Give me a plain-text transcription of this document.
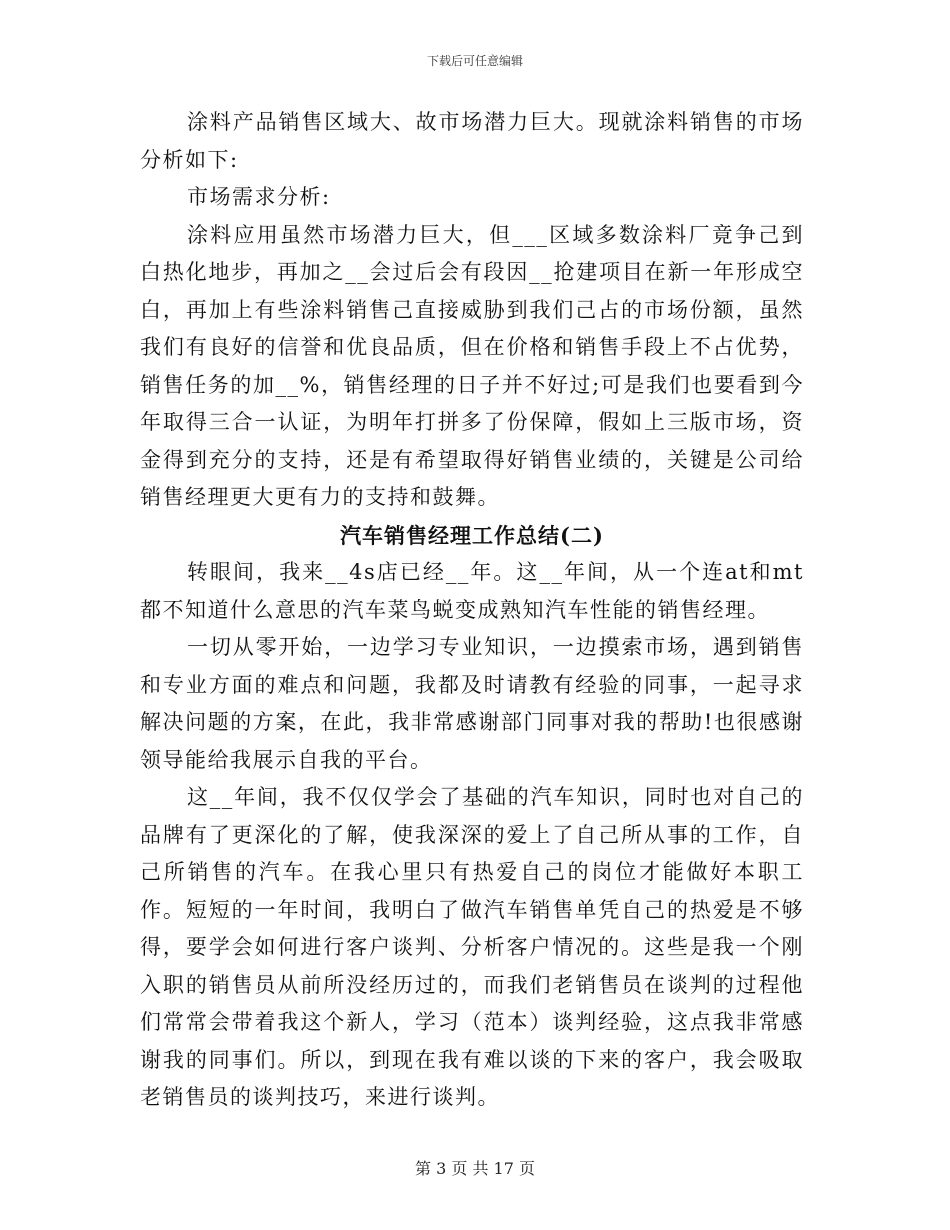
下载后可任意编辑

涂料产品销售区域大、故市场潜力巨大。现就涂料销售的市场分析如下:

市场需求分析:

涂料应用虽然市场潜力巨大，但___区域多数涂料厂竟争己到白热化地步，再加之__会过后会有段因__抢建项目在新一年形成空白，再加上有些涂料销售己直接威胁到我们己占的市场份额，虽然我们有良好的信誉和优良品质，但在价格和销售手段上不占优势，销售任务的加__%，销售经理的日子并不好过;可是我们也要看到今年取得三合一认证，为明年打拼多了份保障，假如上三版市场，资金得到充分的支持，还是有希望取得好销售业绩的，关键是公司给销售经理更大更有力的支持和鼓舞。

汽车销售经理工作总结(二)

转眼间，我来__4s店已经__年。这__年间，从一个连at和mt都不知道什么意思的汽车菜鸟蜕变成熟知汽车性能的销售经理。

一切从零开始，一边学习专业知识，一边摸索市场，遇到销售和专业方面的难点和问题，我都及时请教有经验的同事，一起寻求解决问题的方案，在此，我非常感谢部门同事对我的帮助!也很感谢领导能给我展示自我的平台。

这__年间，我不仅仅学会了基础的汽车知识，同时也对自己的品牌有了更深化的了解，使我深深的爱上了自己所从事的工作，自己所销售的汽车。在我心里只有热爱自己的岗位才能做好本职工作。短短的一年时间，我明白了做汽车销售单凭自己的热爱是不够得，要学会如何进行客户谈判、分析客户情况的。这些是我一个刚入职的销售员从前所没经历过的，而我们老销售员在谈判的过程他们常常会带着我这个新人，学习（范本）谈判经验，这点我非常感谢我的同事们。所以，到现在我有难以谈的下来的客户，我会吸取老销售员的谈判技巧，来进行谈判。

第 3 页 共 17 页
